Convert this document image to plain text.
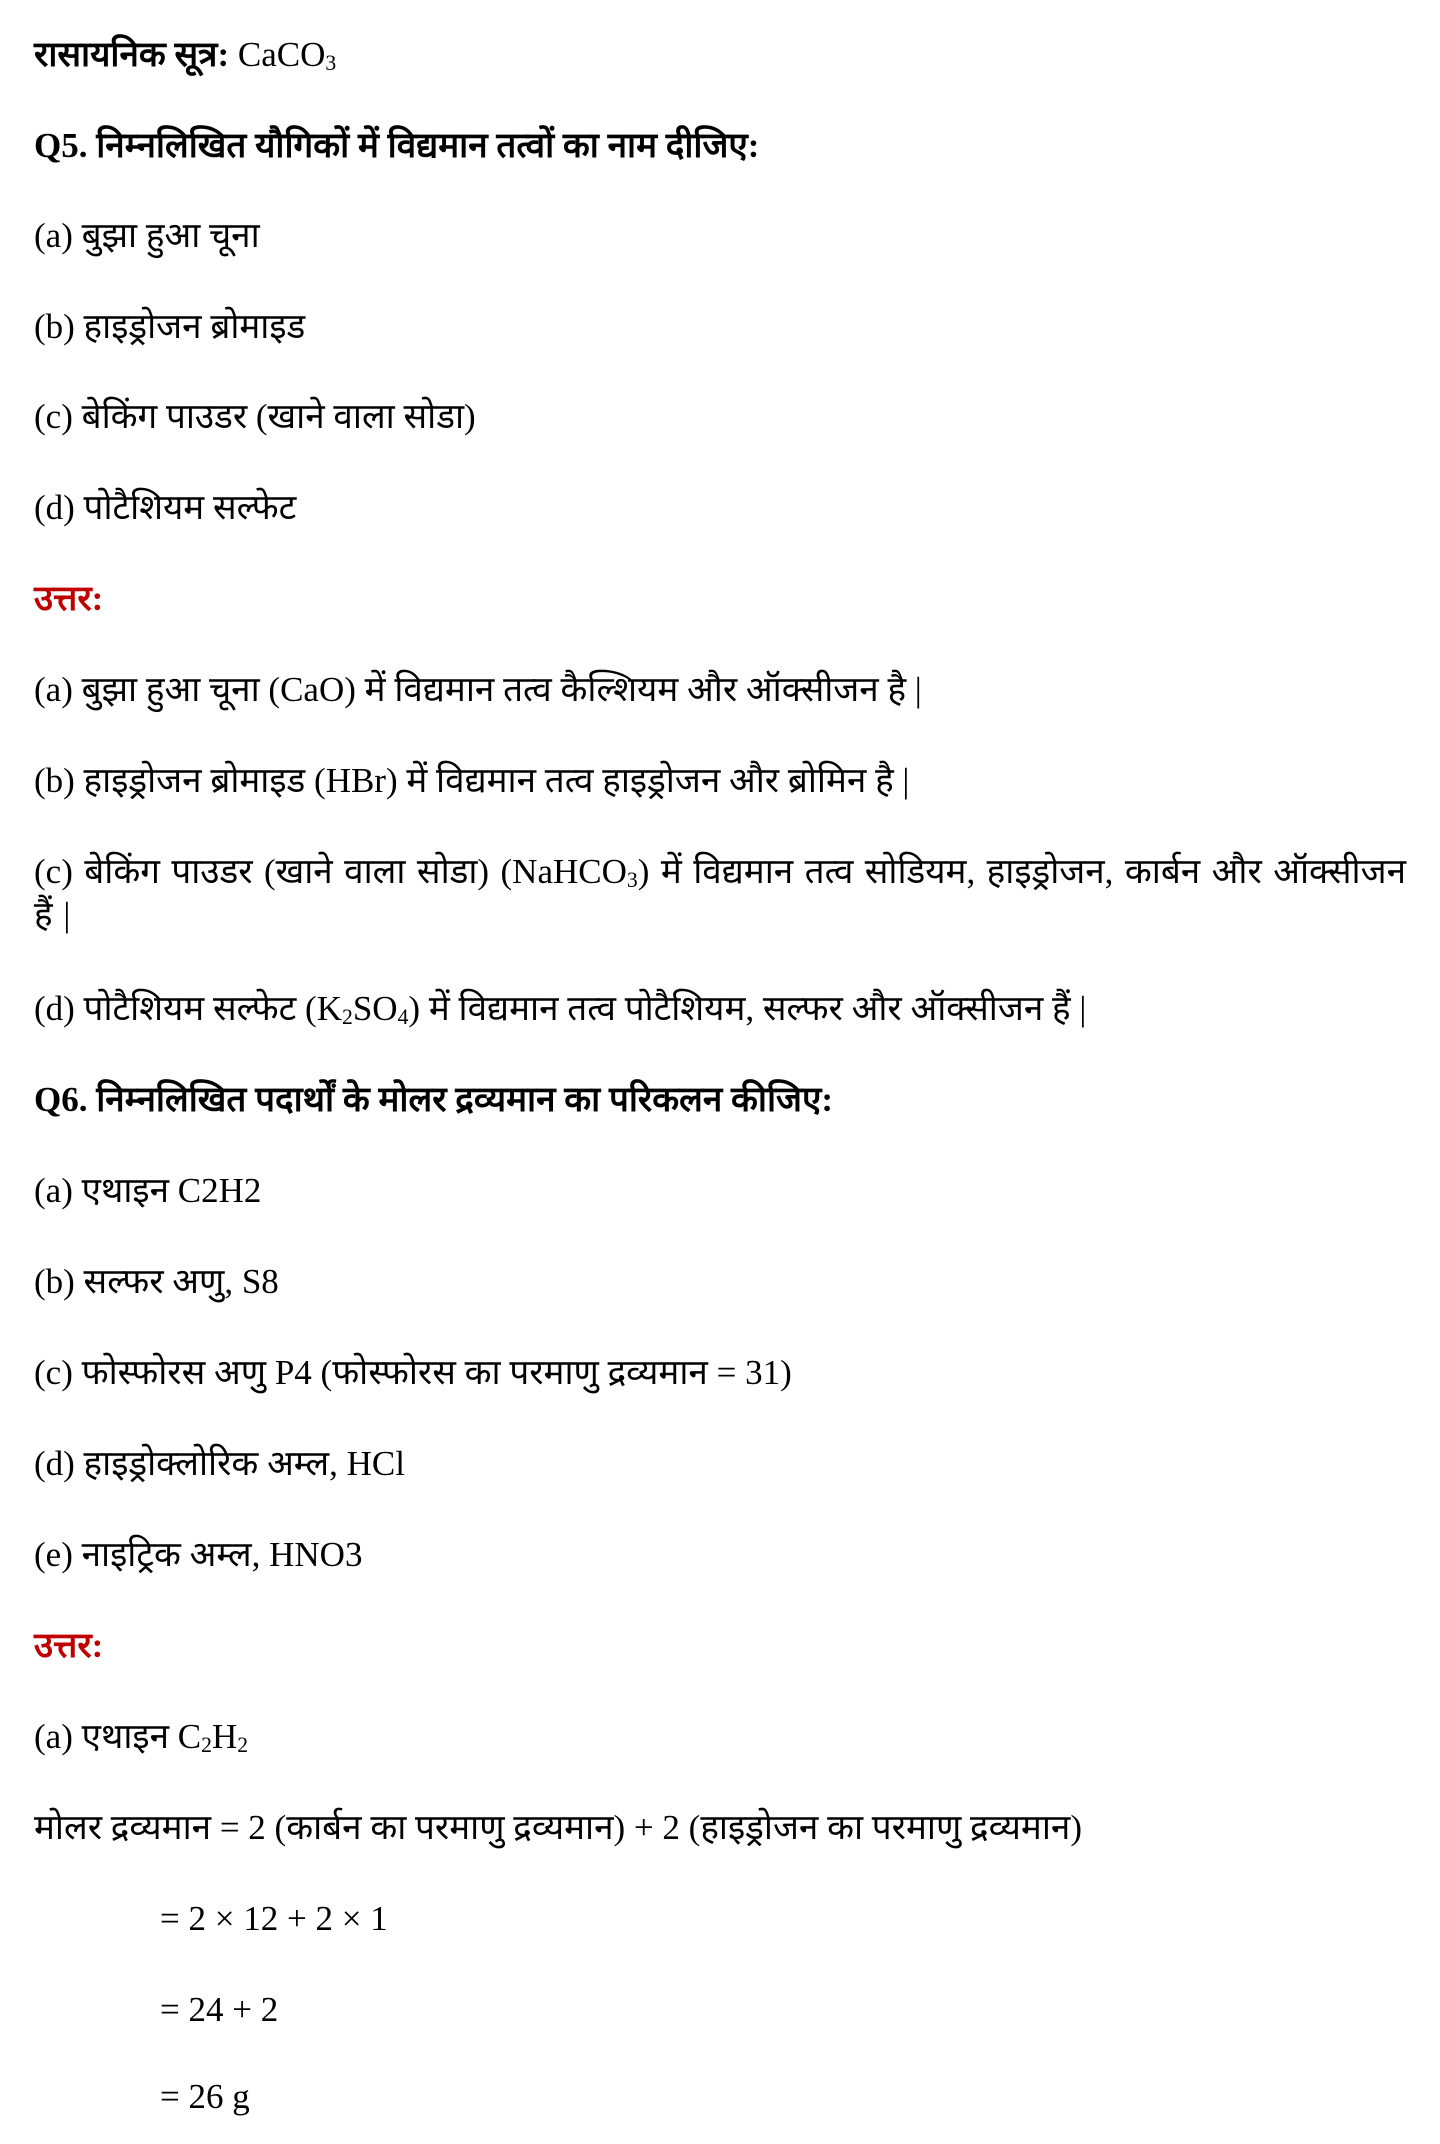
रासायनिक सूत्र: CaCO$_3$
Q5. निम्नलिखित यौगिकों में विद्यमान तत्वों का नाम दीजिए:
(a) बुझा हुआ चूना
(b) हाइड्रोजन ब्रोमाइड
(c) बेकिंग पाउडर (खाने वाला सोडा)
(d) पोटैशियम सल्फेट
उत्तर:
(a) बुझा हुआ चूना (CaO) में विद्यमान तत्व कैल्शियम और ऑक्सीजन है |
(b) हाइड्रोजन ब्रोमाइड (HBr) में विद्यमान तत्व हाइड्रोजन और ब्रोमिन है |
(c) बेकिंग पाउडर (खाने वाला सोडा) (NaHCO$_3$) में विद्यमान तत्व सोडियम, हाइड्रोजन, कार्बन और ऑक्सीजन हैं |
(d) पोटैशियम सल्फेट $(K_2SO_4)$ में विद्यमान तत्व पोटैशियम, सल्फर और ऑक्सीजन हैं |
Q6. निम्नलिखित पदार्थों के मोलर द्रव्यमान का परिकलन कीजिए:
(a) एथाइन C2H2
(b) सल्फर अणु, S8
(c) फोस्फोरस अणु P4 (फोस्फोरस का परमाणु द्रव्यमान = 31)
(d) हाइड्रोक्लोरिक अम्ल, HCl
(e) नाइट्रिक अम्ल, HNO3
उत्तर:
(a) एथाइन $C_2H_2$
मोलर द्रव्यमान = 2 (कार्बन का परमाणु द्रव्यमान) + 2 (हाइड्रोजन का परमाणु द्रव्यमान)
= 2 × 12 + 2 × 1
= 24 + 2
= 26 g
